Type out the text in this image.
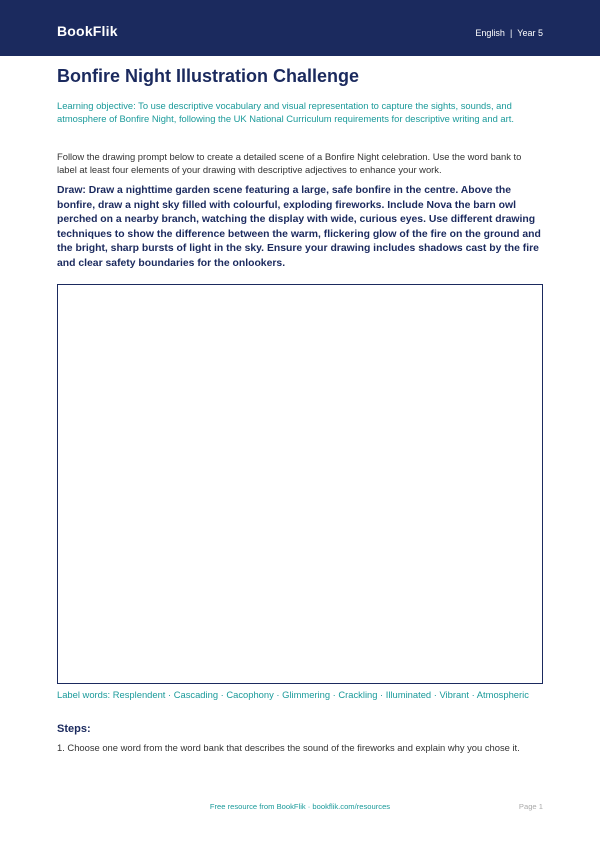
BookFlik	English | Year 5
Bonfire Night Illustration Challenge

Learning objective: To use descriptive vocabulary and visual representation to capture the sights, sounds, and atmosphere of Bonfire Night, following the UK National Curriculum requirements for descriptive writing and art.

Follow the drawing prompt below to create a detailed scene of a Bonfire Night celebration. Use the word bank to label at least four elements of your drawing with descriptive adjectives to enhance your work.

Draw: Draw a nighttime garden scene featuring a large, safe bonfire in the centre. Above the bonfire, draw a night sky filled with colourful, exploding fireworks. Include Nova the barn owl perched on a nearby branch, watching the display with wide, curious eyes. Use different drawing techniques to show the difference between the warm, flickering glow of the fire on the ground and the bright, sharp bursts of light in the sky. Ensure your drawing includes shadows cast by the fire and clear safety boundaries for the onlookers.

Label words: Resplendent · Cascading · Cacophony · Glimmering · Crackling · Illuminated · Vibrant · Atmospheric

Steps:
1. Choose one word from the word bank that describes the sound of the fireworks and explain why you chose it.
Free resource from BookFlik · bookflik.com/resources	Page 1
